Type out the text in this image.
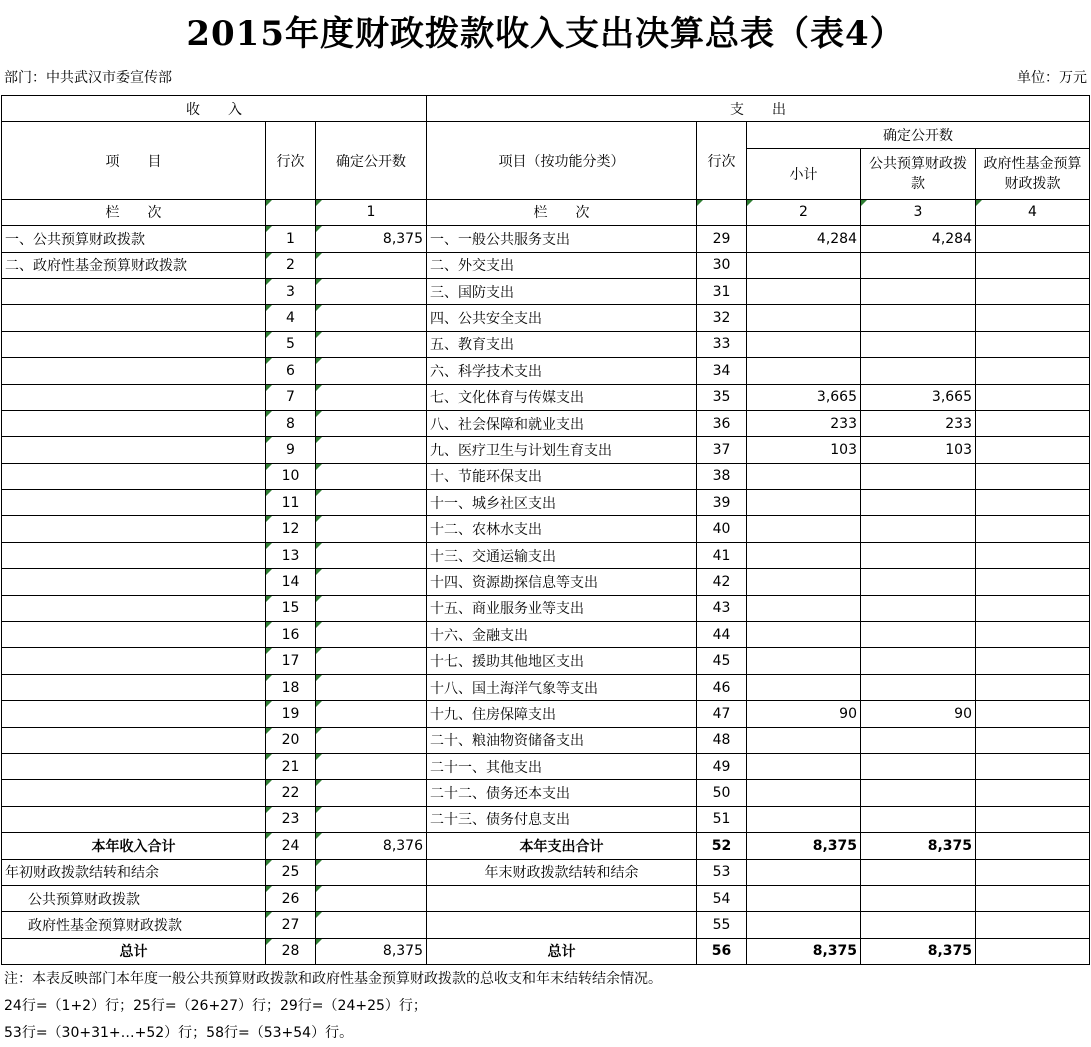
2015年度财政拨款收入支出决算总表（表4）
部门：中共武汉市委宣传部	单位：万元
收　　入			支　　出				
项　　目	行次	确定公开数	项目（按功能分类）	行次	确定公开数		
					小计	公共预算财政拨款	政府性基金预算财政拨款
栏　　次		1	栏　　次		2	3	4
一、公共预算财政拨款	1	8,375	一、一般公共服务支出	29	4,284	4,284	
二、政府性基金预算财政拨款	2		二、外交支出	30			
	3		三、国防支出	31			
	4		四、公共安全支出	32			
	5		五、教育支出	33			
	6		六、科学技术支出	34			
	7		七、文化体育与传媒支出	35	3,665	3,665	
	8		八、社会保障和就业支出	36	233	233	
	9		九、医疗卫生与计划生育支出	37	103	103	
	10		十、节能环保支出	38			
	11		十一、城乡社区支出	39			
	12		十二、农林水支出	40			
	13		十三、交通运输支出	41			
	14		十四、资源勘探信息等支出	42			
	15		十五、商业服务业等支出	43			
	16		十六、金融支出	44			
	17		十七、援助其他地区支出	45			
	18		十八、国土海洋气象等支出	46			
	19		十九、住房保障支出	47	90	90	
	20		二十、粮油物资储备支出	48			
	21		二十一、其他支出	49			
	22		二十二、债务还本支出	50			
	23		二十三、债务付息支出	51			
本年收入合计	24	8,376	本年支出合计	52	8,375	8,375	
年初财政拨款结转和结余	25		年末财政拨款结转和结余	53			
公共预算财政拨款	26			54			
政府性基金预算财政拨款	27			55			
总计	28	8,375	总计	56	8,375	8,375	
注：本表反映部门本年度一般公共预算财政拨款和政府性基金预算财政拨款的总收支和年末结转结余情况。
24行=（1+2）行；25行=（26+27）行；29行=（24+25）行；
53行=（30+31+…+52）行；58行=（53+54）行。
